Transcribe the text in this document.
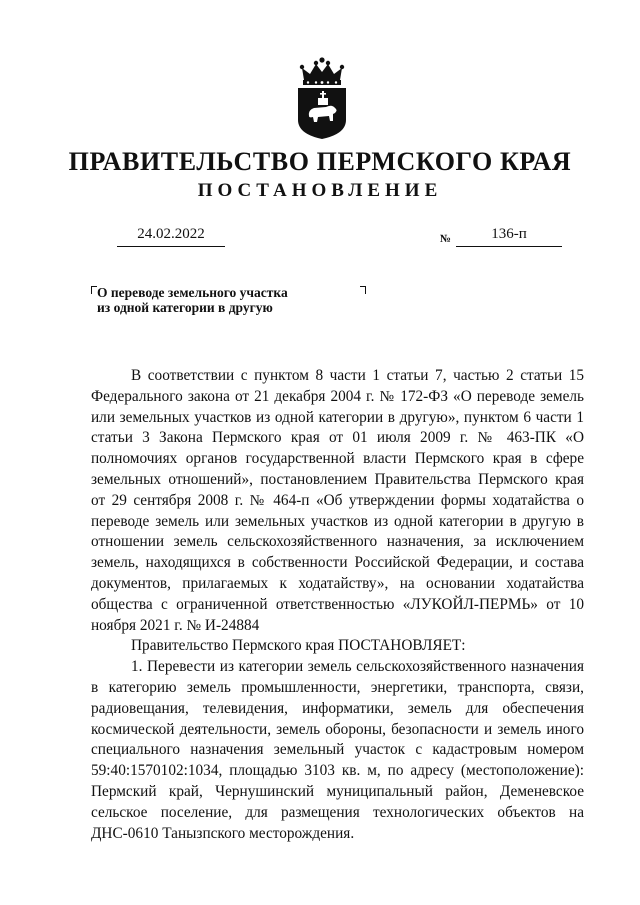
ПРАВИТЕЛЬСТВО ПЕРМСКОГО КРАЯ
ПОСТАНОВЛЕНИЕ
24.02.2022	№	136-п
О переводе земельного участка
из одной категории в другую

В соответствии с пунктом 8 части 1 статьи 7, частью 2 статьи 15 Федерального закона от 21 декабря 2004 г. № 172-ФЗ «О переводе земель или земельных участков из одной категории в другую», пунктом 6 части 1 статьи 3 Закона Пермского края от 01 июля 2009 г. № 463-ПК «О полномочиях органов государственной власти Пермского края в сфере земельных отношений», постановлением Правительства Пермского края от 29 сентября 2008 г. № 464-п «Об утверждении формы ходатайства о переводе земель или земельных участков из одной категории в другую в отношении земель сельскохозяйственного назначения, за исключением земель, находящихся в собственности Российской Федерации, и состава документов, прилагаемых к ходатайству», на основании ходатайства общества с ограниченной ответственностью «ЛУКОЙЛ-ПЕРМЬ» от 10 ноября 2021 г. № И-24884

Правительство Пермского края ПОСТАНОВЛЯЕТ:

1. Перевести из категории земель сельскохозяйственного назначения в категорию земель промышленности, энергетики, транспорта, связи, радиовещания, телевидения, информатики, земель для обеспечения космической деятельности, земель обороны, безопасности и земель иного специального назначения земельный участок с кадастровым номером 59:40:1570102:1034, площадью 3103 кв. м, по адресу (местоположение): Пермский край, Чернушинский муниципальный район, Деменевское сельское поселение, для размещения технологических объектов на ДНС-0610 Танызпского месторождения.
